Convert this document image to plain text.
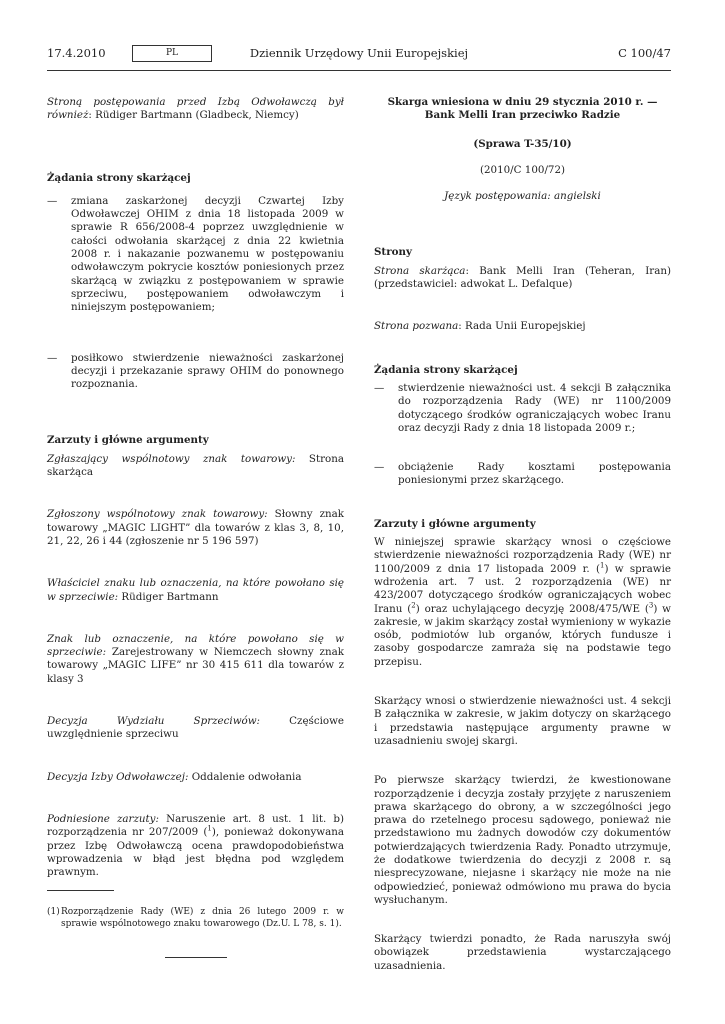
17.4.2010	PL	Dziennik Urzędowy Unii Europejskiej	C 100/47

Stroną postępowania przed Izbą Odwoławczą był również: Rüdiger Bartmann (Gladbeck, Niemcy)

Żądania strony skarżącej

— zmiana zaskarżonej decyzji Czwartej Izby Odwoławczej OHIM z dnia 18 listopada 2009 w sprawie R 656/2008-4 poprzez uwzględnienie w całości odwołania skarżącej z dnia 22 kwietnia 2008 r. i nakazanie pozwanemu w postępowaniu odwoławczym pokrycie kosztów poniesionych przez skarżącą w związku z postępowaniem w sprawie sprzeciwu, postępowaniem odwoławczym i niniejszym postępowaniem;

— posiłkowo stwierdzenie nieważności zaskarżonej decyzji i przekazanie sprawy OHIM do ponownego rozpoznania.

Zarzuty i główne argumenty

Zgłaszający wspólnotowy znak towarowy: Strona skarżąca

Zgłoszony wspólnotowy znak towarowy: Słowny znak towarowy „MAGIC LIGHT” dla towarów z klas 3, 8, 10, 21, 22, 26 i 44 (zgłoszenie nr 5 196 597)

Właściciel znaku lub oznaczenia, na które powołano się w sprzeciwie: Rüdiger Bartmann

Znak lub oznaczenie, na które powołano się w sprzeciwie: Zarejestrowany w Niemczech słowny znak towarowy „MAGIC LIFE” nr 30 415 611 dla towarów z klasy 3

Decyzja Wydziału Sprzeciwów: Częściowe uwzględnienie sprzeciwu

Decyzja Izby Odwoławczej: Oddalenie odwołania

Podniesione zarzuty: Naruszenie art. 8 ust. 1 lit. b) rozporządzenia nr 207/2009 ($^1$), ponieważ dokonywana przez Izbę Odwoławczą ocena prawdopodobieństwa wprowadzenia w błąd jest błędna pod względem prawnym.

(1) Rozporządzenie Rady (WE) z dnia 26 lutego 2009 r. w sprawie wspólnotowego znaku towarowego (Dz.U. L 78, s. 1).

Skarga wniesiona w dniu 29 stycznia 2010 r. — Bank Melli Iran przeciwko Radzie

(Sprawa T-35/10)

(2010/C 100/72)

Język postępowania: angielski

Strony

Strona skarżąca: Bank Melli Iran (Teheran, Iran) (przedstawiciel: adwokat L. Defalque)

Strona pozwana: Rada Unii Europejskiej

Żądania strony skarżącej

— stwierdzenie nieważności ust. 4 sekcji B załącznika do rozporządzenia Rady (WE) nr 1100/2009 dotyczącego środków ograniczających wobec Iranu oraz decyzji Rady z dnia 18 listopada 2009 r.;

— obciążenie Rady kosztami postępowania poniesionymi przez skarżącego.

Zarzuty i główne argumenty

W niniejszej sprawie skarżący wnosi o częściowe stwierdzenie nieważności rozporządzenia Rady (WE) nr 1100/2009 z dnia 17 listopada 2009 r. ($^1$) w sprawie wdrożenia art. 7 ust. 2 rozporządzenia (WE) nr 423/2007 dotyczącego środków ograniczających wobec Iranu ($^2$) oraz uchylającego decyzję 2008/475/WE ($^3$) w zakresie, w jakim skarżący został wymieniony w wykazie osób, podmiotów lub organów, których fundusze i zasoby gospodarcze zamraża się na podstawie tego przepisu.

Skarżący wnosi o stwierdzenie nieważności ust. 4 sekcji B załącznika w zakresie, w jakim dotyczy on skarżącego i przedstawia następujące argumenty prawne w uzasadnieniu swojej skargi.

Po pierwsze skarżący twierdzi, że kwestionowane rozporządzenie i decyzja zostały przyjęte z naruszeniem prawa skarżącego do obrony, a w szczególności jego prawa do rzetelnego procesu sądowego, ponieważ nie przedstawiono mu żadnych dowodów czy dokumentów potwierdzających twierdzenia Rady. Ponadto utrzymuje, że dodatkowe twierdzenia do decyzji z 2008 r. są niesprecyzowane, niejasne i skarżący nie może na nie odpowiedzieć, ponieważ odmówiono mu prawa do bycia wysłuchanym.

Skarżący twierdzi ponadto, że Rada naruszyła swój obowiązek przedstawienia wystarczającego uzasadnienia.
